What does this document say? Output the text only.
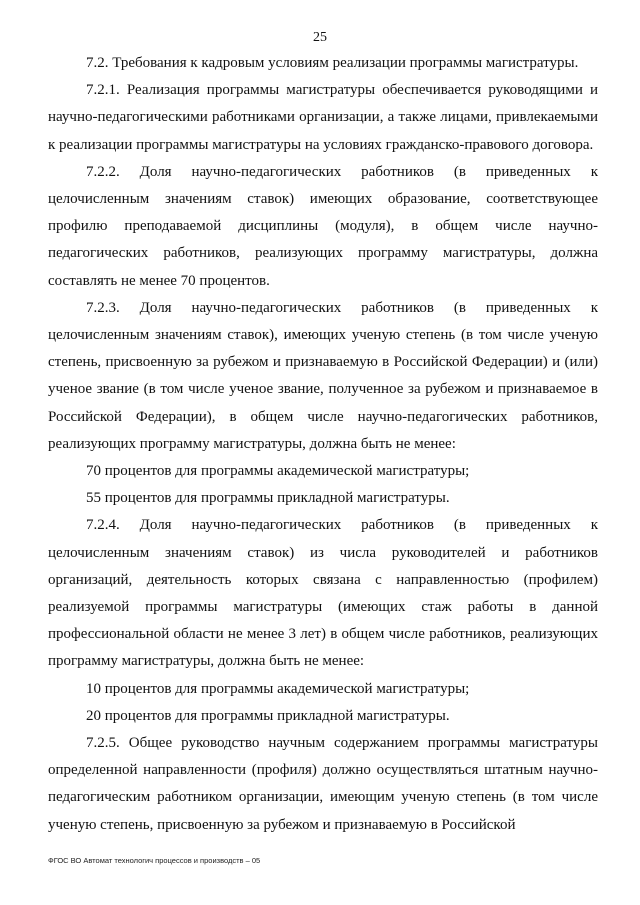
25

7.2. Требования к кадровым условиям реализации программы магистратуры.

7.2.1. Реализация программы магистратуры обеспечивается руководящими и научно-педагогическими работниками организации, а также лицами, привлекаемыми к реализации программы магистратуры на условиях гражданско-правового договора.

7.2.2. Доля научно-педагогических работников (в приведенных к целочисленным значениям ставок) имеющих образование, соответствующее профилю преподаваемой дисциплины (модуля), в общем числе научно-педагогических работников, реализующих программу магистратуры, должна составлять не менее 70 процентов.

7.2.3. Доля научно-педагогических работников (в приведенных к целочисленным значениям ставок), имеющих ученую степень (в том числе ученую степень, присвоенную за рубежом и признаваемую в Российской Федерации) и (или) ученое звание (в том числе ученое звание, полученное за рубежом и признаваемое в Российской Федерации), в общем числе научно-педагогических работников, реализующих программу магистратуры, должна быть не менее:

70 процентов для программы академической магистратуры;

55 процентов для программы прикладной магистратуры.

7.2.4. Доля научно-педагогических работников (в приведенных к целочисленным значениям ставок) из числа руководителей и работников организаций, деятельность которых связана с направленностью (профилем) реализуемой программы магистратуры (имеющих стаж работы в данной профессиональной области не менее 3 лет) в общем числе работников, реализующих программу магистратуры, должна быть не менее:

10 процентов для программы академической магистратуры;

20 процентов для программы прикладной магистратуры.

7.2.5. Общее руководство научным содержанием программы магистратуры определенной направленности (профиля) должно осуществляться штатным научно-педагогическим работником организации, имеющим ученую степень (в том числе ученую степень, присвоенную за рубежом и признаваемую в Российской

ФГОС ВО Автомат технологич процессов и производств – 05
